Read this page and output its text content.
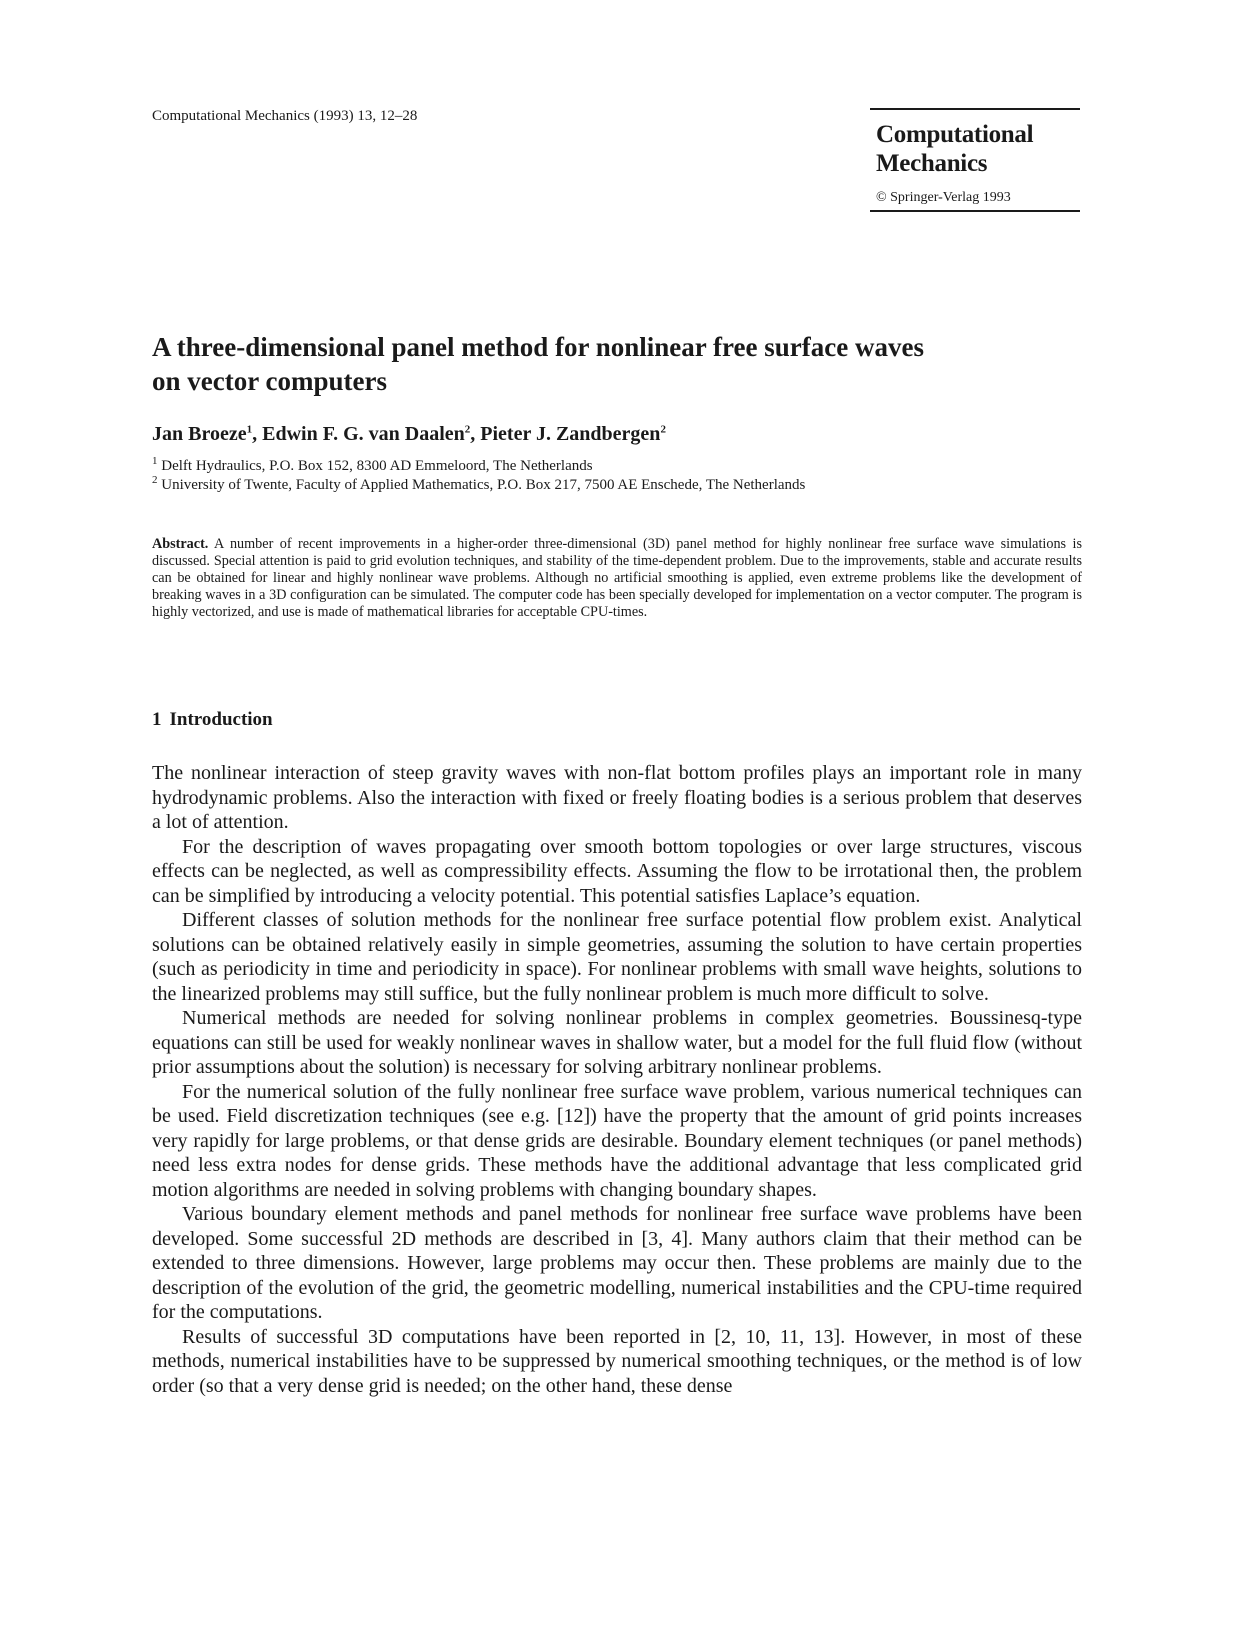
Computational Mechanics (1993) 13, 12–28
Computational
Mechanics
© Springer-Verlag 1993
A three-dimensional panel method for nonlinear free surface waves on vector computers
Jan Broeze$^1$, Edwin F. G. van Daalen$^2$, Pieter J. Zandbergen$^2$
$^1$ Delft Hydraulics, P.O. Box 152, 8300 AD Emmeloord, The Netherlands
$^2$ University of Twente, Faculty of Applied Mathematics, P.O. Box 217, 7500 AE Enschede, The Netherlands
Abstract. A number of recent improvements in a higher-order three-dimensional (3D) panel method for highly nonlinear free surface wave simulations is discussed. Special attention is paid to grid evolution techniques, and stability of the time-dependent problem. Due to the improvements, stable and accurate results can be obtained for linear and highly nonlinear wave problems. Although no artificial smoothing is applied, even extreme problems like the development of breaking waves in a 3D configuration can be simulated. The computer code has been specially developed for implementation on a vector computer. The program is highly vectorized, and use is made of mathematical libraries for acceptable CPU-times.
1 Introduction

The nonlinear interaction of steep gravity waves with non-flat bottom profiles plays an important role in many hydrodynamic problems. Also the interaction with fixed or freely floating bodies is a serious problem that deserves a lot of attention.

For the description of waves propagating over smooth bottom topologies or over large structures, viscous effects can be neglected, as well as compressibility effects. Assuming the flow to be irrotational then, the problem can be simplified by introducing a velocity potential. This potential satisfies Laplace’s equation.

Different classes of solution methods for the nonlinear free surface potential flow problem exist. Analytical solutions can be obtained relatively easily in simple geometries, assuming the solution to have certain properties (such as periodicity in time and periodicity in space). For nonlinear problems with small wave heights, solutions to the linearized problems may still suffice, but the fully nonlinear problem is much more difficult to solve.

Numerical methods are needed for solving nonlinear problems in complex geometries. Boussinesq-type equations can still be used for weakly nonlinear waves in shallow water, but a model for the full fluid flow (without prior assumptions about the solution) is necessary for solving arbitrary nonlinear problems.

For the numerical solution of the fully nonlinear free surface wave problem, various numerical techniques can be used. Field discretization techniques (see e.g. [12]) have the property that the amount of grid points increases very rapidly for large problems, or that dense grids are desirable. Boundary element techniques (or panel methods) need less extra nodes for dense grids. These methods have the additional advantage that less complicated grid motion algorithms are needed in solving problems with changing boundary shapes.

Various boundary element methods and panel methods for nonlinear free surface wave problems have been developed. Some successful 2D methods are described in [3, 4]. Many authors claim that their method can be extended to three dimensions. However, large problems may occur then. These problems are mainly due to the description of the evolution of the grid, the geometric modelling, numerical instabilities and the CPU-time required for the computations.

Results of successful 3D computations have been reported in [2, 10, 11, 13]. However, in most of these methods, numerical instabilities have to be suppressed by numerical smoothing techniques, or the method is of low order (so that a very dense grid is needed; on the other hand, these dense
